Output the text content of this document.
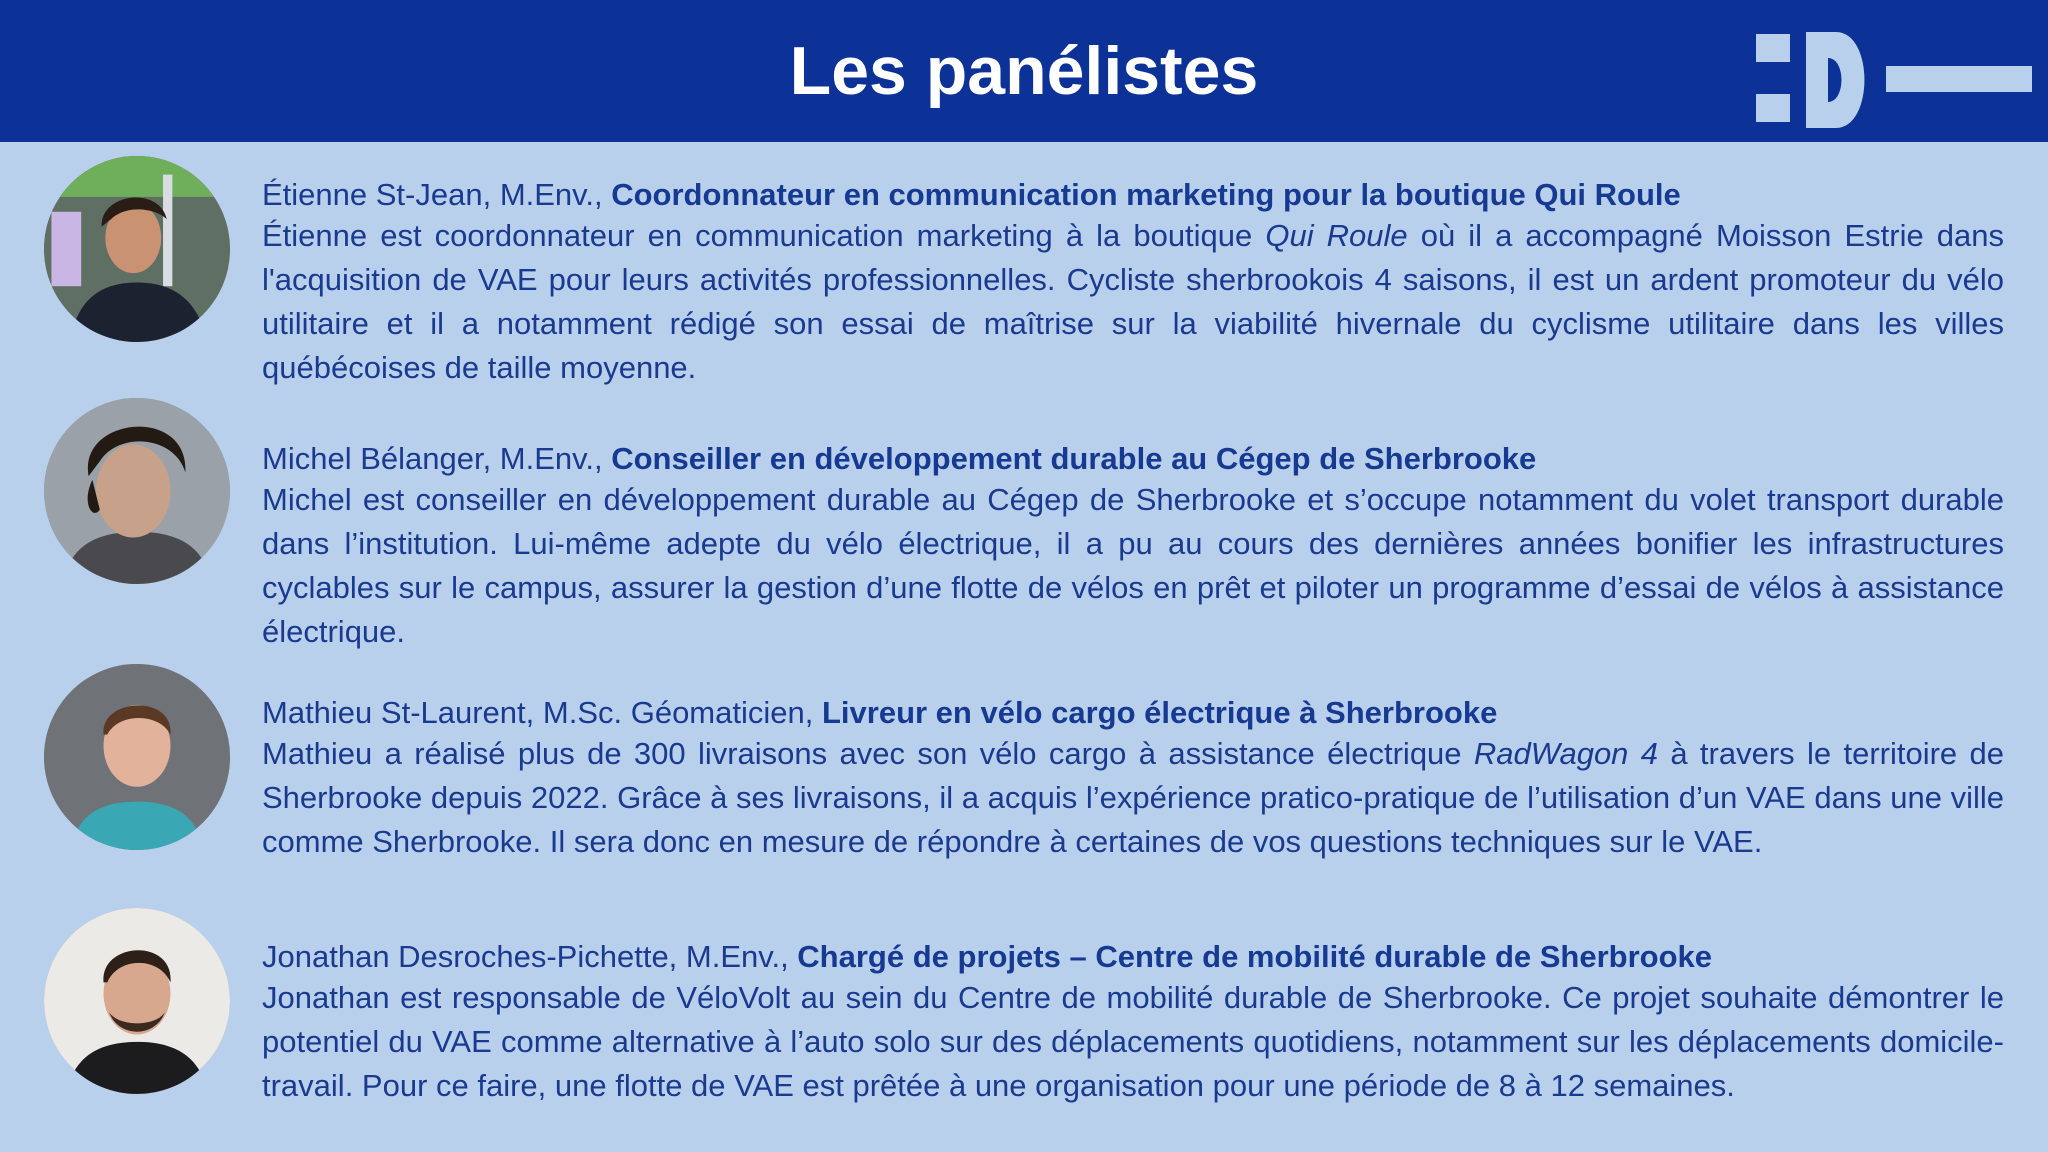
Les panélistes

Étienne St-Jean, M.Env., Coordonnateur en communication marketing pour la boutique Qui Roule

Étienne est coordonnateur en communication marketing à la boutique Qui Roule où il a accompagné Moisson Estrie dans l'acquisition de VAE pour leurs activités professionnelles. Cycliste sherbrookois 4 saisons, il est un ardent promoteur du vélo utilitaire et il a notamment rédigé son essai de maîtrise sur la viabilité hivernale du cyclisme utilitaire dans les villes québécoises de taille moyenne.

Michel Bélanger, M.Env., Conseiller en développement durable au Cégep de Sherbrooke

Michel est conseiller en développement durable au Cégep de Sherbrooke et s’occupe notamment du volet transport durable dans l’institution. Lui-même adepte du vélo électrique, il a pu au cours des dernières années bonifier les infrastructures cyclables sur le campus, assurer la gestion d’une flotte de vélos en prêt et piloter un programme d’essai de vélos à assistance électrique.

Mathieu St-Laurent, M.Sc. Géomaticien, Livreur en vélo cargo électrique à Sherbrooke

Mathieu a réalisé plus de 300 livraisons avec son vélo cargo à assistance électrique RadWagon 4 à travers le territoire de Sherbrooke depuis 2022. Grâce à ses livraisons, il a acquis l’expérience pratico-pratique de l’utilisation d’un VAE dans une ville comme Sherbrooke. Il sera donc en mesure de répondre à certaines de vos questions techniques sur le VAE.

Jonathan Desroches-Pichette, M.Env., Chargé de projets – Centre de mobilité durable de Sherbrooke

Jonathan est responsable de VéloVolt au sein du Centre de mobilité durable de Sherbrooke. Ce projet souhaite démontrer le potentiel du VAE comme alternative à l’auto solo sur des déplacements quotidiens, notamment sur les déplacements domicile-travail. Pour ce faire, une flotte de VAE est prêtée à une organisation pour une période de 8 à 12 semaines.
